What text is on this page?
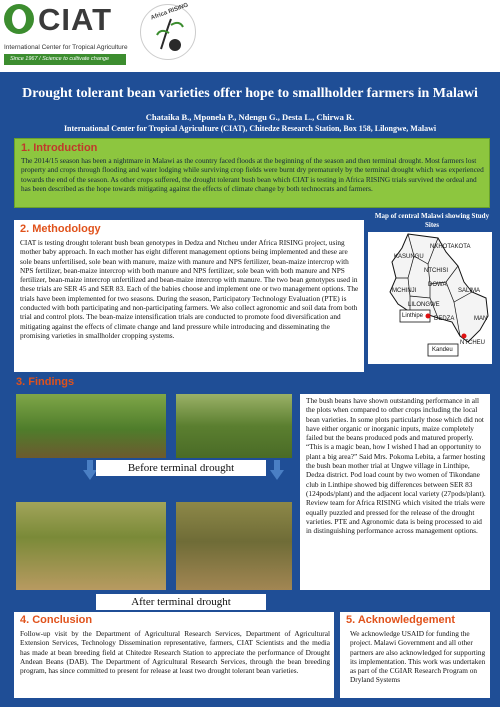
CIAT
International Center for Tropical Agriculture
Since 1967 / Science to cultivate change
Africa RISING
Drought tolerant bean varieties offer hope to smallholder farmers in Malawi
Chataika B., Mponela P., Ndengu G., Desta L., Chirwa R.
International Center for Tropical Agriculture (CIAT), Chitedze Research Station, Box 158, Lilongwe, Malawi
1. Introduction
The 2014/15 season has been a nightmare in Malawi as the country faced floods at the beginning of the season and then terminal drought. Most farmers lost property and crops through flooding and water lodging while surviving crop fields were burnt dry prematurely by the terminal drought which was experienced towards the end of the season. As other crops suffered, the drought tolerant bush bean which CIAT is testing in Africa RISING trials survived the ordeal and has been described as the hope towards mitigating against the effects of climate change by both technocrats and farmers.
2. Methodology
CIAT is testing drought tolerant bush bean genotypes in Dedza and Ntcheu under Africa RISING project, using mother baby approach. In each mother has eight different management options being implemented and these are sole beans unfertilised, sole bean with manure, maize with manure and NPS fertilizer, bean-maize intercrop with NPS fertilizer, bean-maize intercrop with both manure and NPS fertilizer, sole bean with both manure and NPS fertilizer, bean-maize intercrop unfertilized and bean-maize intercrop with manure. The two bean genotypes used in these trials are SER 45 and SER 83. Each of the babies choose and implement one or two management options. The trials have been implemented for two seasons. During the season, Participatory Technology Evaluation (PTE) is conducted with both participating and non-participating farmers. We also collect agronomic and soil data from both trial and control plots. The bean-maize intensification trials are conducted to promote food diversification and mitigating against the effects of climate change and land pressure while introducing and disseminating the promising varieties in smallholder cropping systems.
Map of central Malawi showing Study Sites
NKHOTAKOTA
KASUNGU
NTCHISI
DOWA
SALIMA
MCHINJI
LILONGWE
Linthipe DEDZA	MAN
Kandeu
NTCHEU
3. Findings
Before terminal drought
After terminal drought

The bush beans have shown outstanding performance in all the plots when compared to other crops including the local bean varieties. In some plots particularly those which did not have either organic or inorganic inputs, maize completely failed but the beans produced pods and matured properly. “This is a magic bean, how I wished I had an opportunity to plant a big area?” Said Mrs. Pokoma Lebita, a farmer hosting the bush bean mother trial at Ungwe village in Linthipe, Dedza district. Pod load count by two women of Tikondane club in Linthipe showed big differences between SER 83 (124pods/plant) and the adjacent local variety (27pods/plant). Review team for Africa RISING which visited the trials were equally puzzled and pressed for the release of the drought varieties. PTE and Agronomic data is being processed to aid in distinguishing performance across management options.

4. Conclusion
Follow-up visit by the Department of Agricultural Research Services, Department of Agricultural Extension Services, Technology Dissemination representative, farmers, CIAT Scientists and the media has made at bean breeding field at Chitedze Research Station to appreciate the performance of Drought Andean Beans (DAB). The Department of Agricultural Research Services, through the bean breeding program, has since committed to present for release at least two drought tolerant bean varieties.
5. Acknowledgement
We acknowledge USAID for funding the project. Malawi Government and all other partners are also acknowledged for supporting its implementation. This work was undertaken as part of the CGIAR Research Program on Dryland Systems
